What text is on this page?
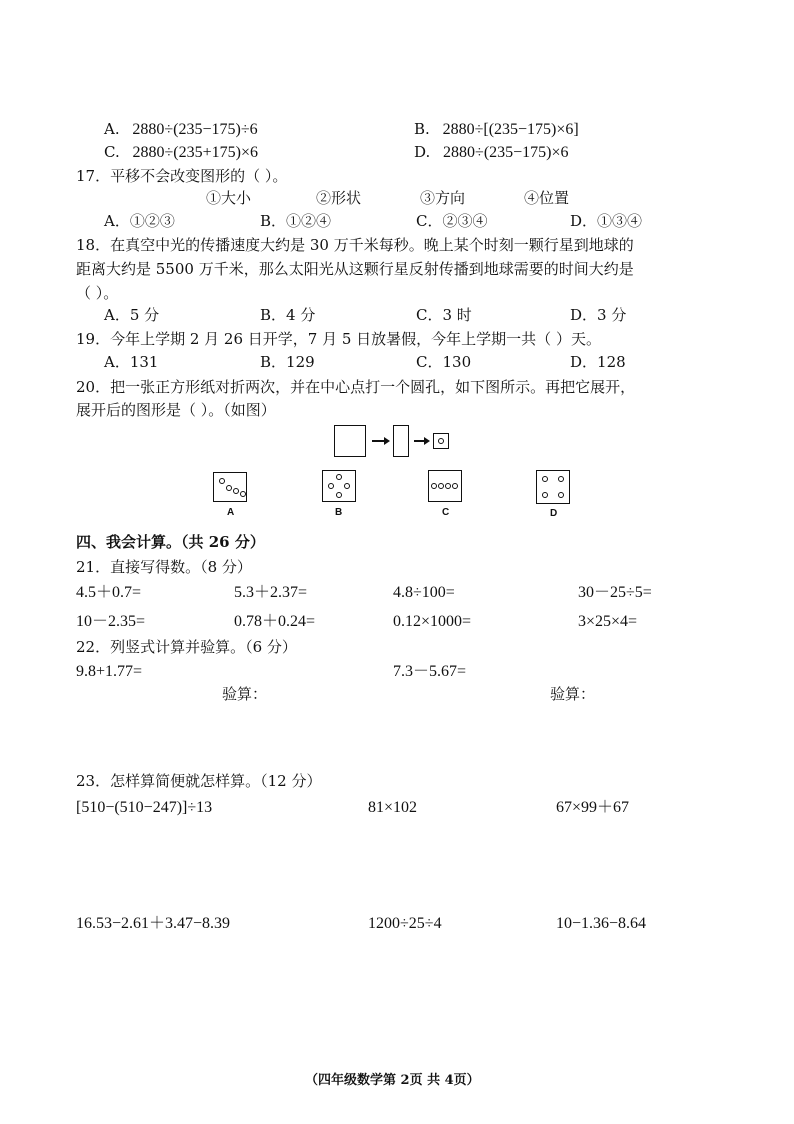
A. 2880÷(235−175)÷6	B. 2880÷[(235−175)×6]
C. 2880÷(235+175)×6	D. 2880÷(235−175)×6
17．平移不会改变图形的（ ）。
①大小	②形状	③方向	④位置
A．①②③	B．①②④	C．②③④	D．①③④
18．在真空中光的传播速度大约是 30 万千米每秒。晚上某个时刻一颗行星到地球的
距离大约是 5500 万千米，那么太阳光从这颗行星反射传播到地球需要的时间大约是
（ ）。
A．5 分	B．4 分	C．3 时	D．3 分
19．今年上学期 2 月 26 日开学，7 月 5 日放暑假，今年上学期一共（ ）天。
A．131	B．129	C．130	D．128
20．把一张正方形纸对折两次，并在中心点打一个圆孔，如下图所示。再把它展开，
展开后的图形是（ ）。（如图）
A	B	C	D
四、我会计算。（共 26 分）
21．直接写得数。（8 分）
4.5＋0.7=	5.3＋2.37=	4.8÷100=	30－25÷5=
10－2.35=	0.78＋0.24=	0.12×1000=	3×25×4=
22．列竖式计算并验算。（6 分）
9.8+1.77=	7.3－5.67=
验算：	验算：
23．怎样算简便就怎样算。（12 分）
[510−(510−247)]÷13	81×102	67×99＋67
16.53−2.61＋3.47−8.39	1200÷25÷4	10−1.36−8.64
（四年级数学第 2页 共 4页）
